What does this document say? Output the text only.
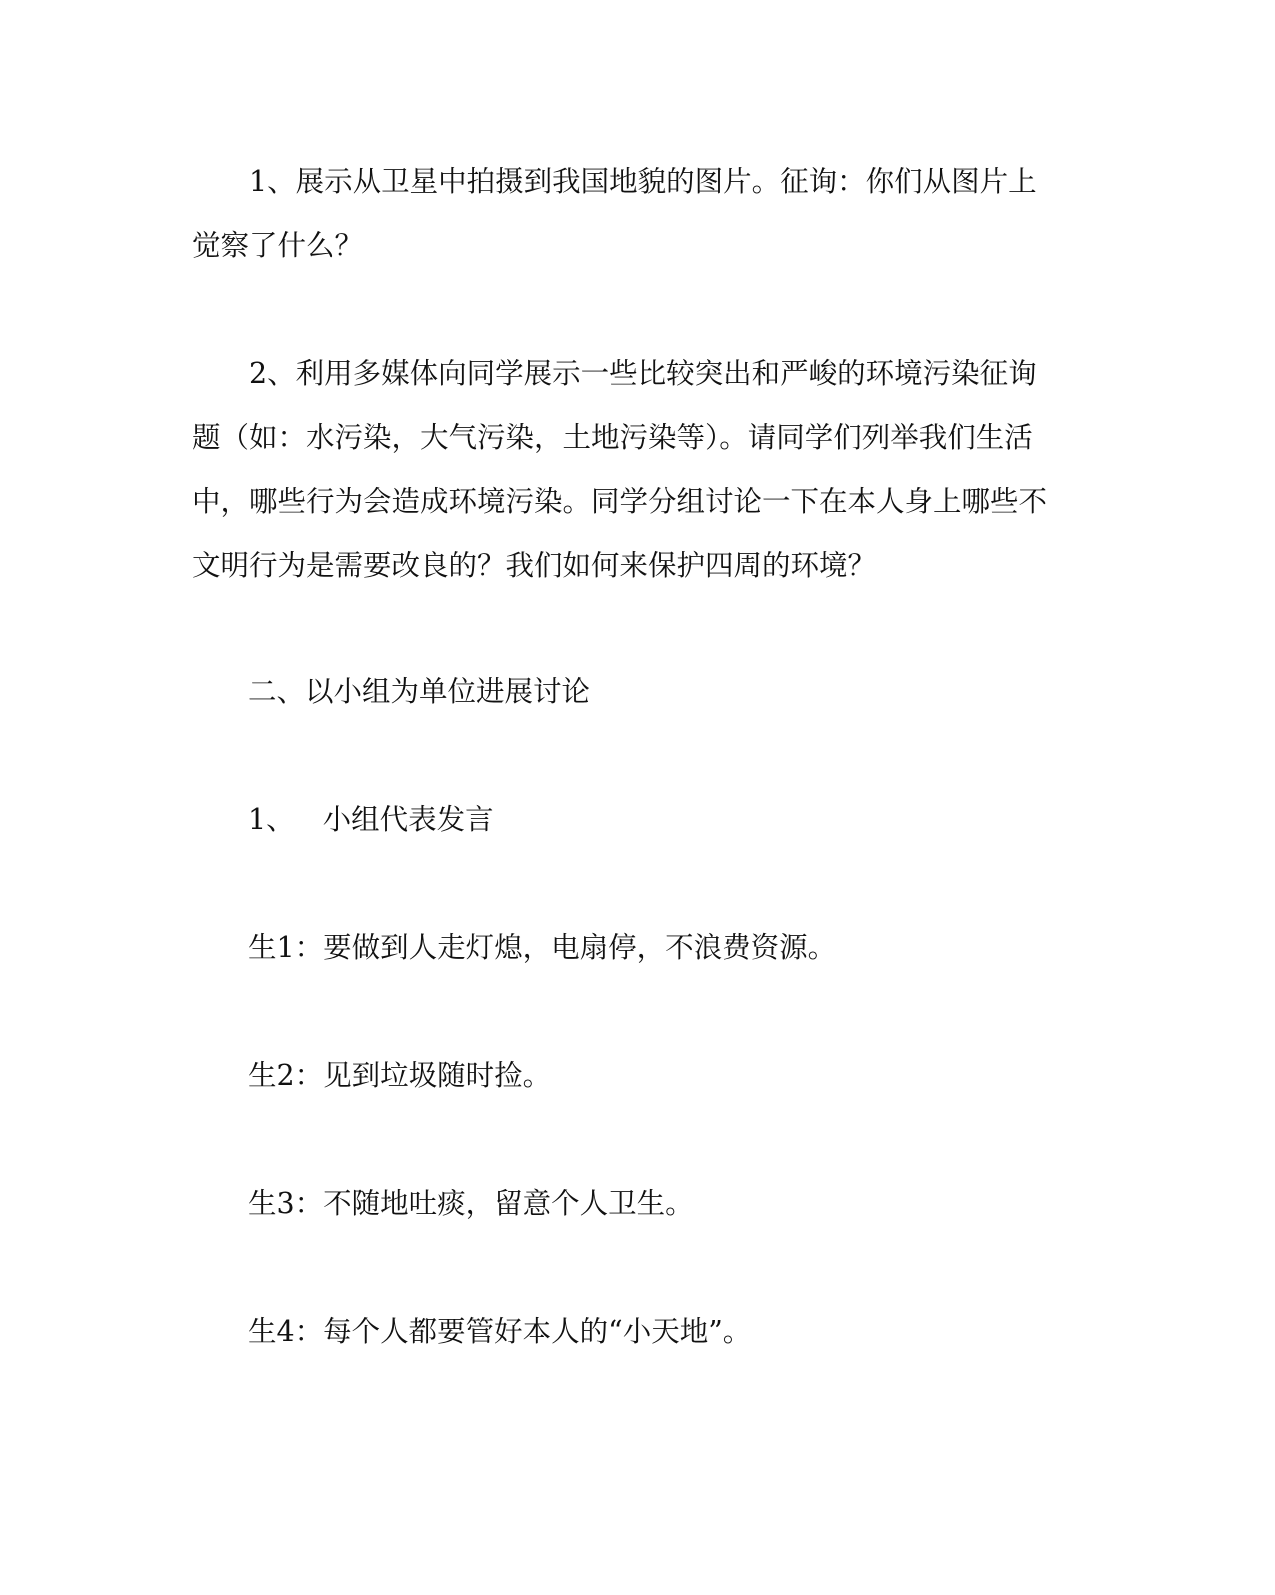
1、展示从卫星中拍摄到我国地貌的图片。征询：你们从图片上觉察了什么？

2、利用多媒体向同学展示一些比较突出和严峻的环境污染征询题（如：水污染，大气污染，土地污染等）。请同学们列举我们生活中，哪些行为会造成环境污染。同学分组讨论一下在本人身上哪些不文明行为是需要改良的？我们如何来保护四周的环境？

二、以小组为单位进展讨论

1、 小组代表发言

生1：要做到人走灯熄，电扇停，不浪费资源。

生2：见到垃圾随时捡。

生3：不随地吐痰，留意个人卫生。

生4：每个人都要管好本人的“小天地”。
